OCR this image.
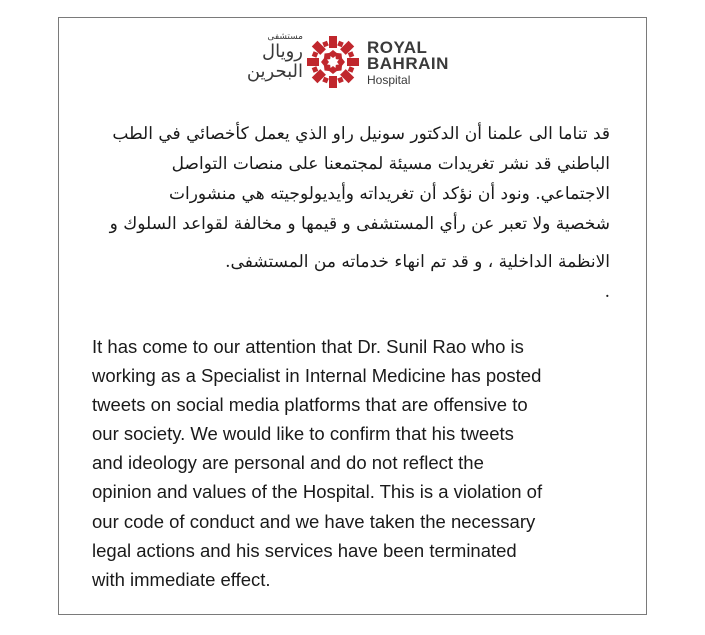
مستشفى
رويال
البحرين
ROYAL
BAHRAIN
Hospital
قد تناما الى علمنا أن الدكتور سونيل راو الذي يعمل كأخصائي في الطب
الباطني قد نشر تغريدات مسيئة لمجتمعنا على منصات التواصل
الاجتماعي. ونود أن نؤكد أن تغريداته وأيديولوجيته هي منشورات
شخصية ولا تعبر عن رأي المستشفى و قيمها و مخالفة لقواعد السلوك و
الانظمة الداخلية ، و قد تم انهاء خدماته من المستشفى.
.
It has come to our attention that Dr. Sunil Rao who is
working as a Specialist in Internal Medicine has posted
tweets on social media platforms that are offensive to
our society. We would like to confirm that his tweets
and ideology are personal and do not reflect the
opinion and values of the Hospital. This is a violation of
our code of conduct and we have taken the necessary
legal actions and his services have been terminated
with immediate effect.
